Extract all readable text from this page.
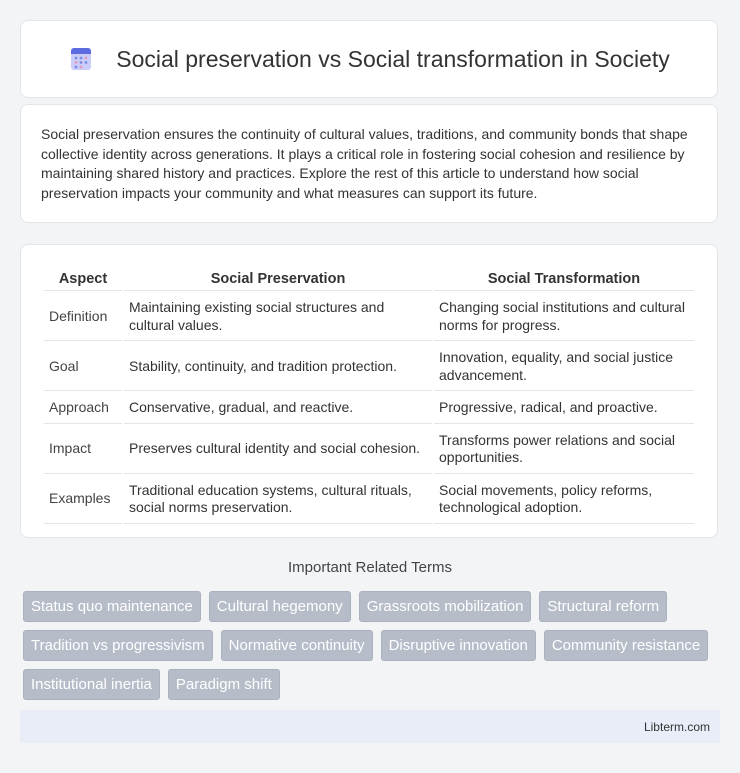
Social preservation vs Social transformation in Society

Social preservation ensures the continuity of cultural values, traditions, and community bonds that shape collective identity across generations. It plays a critical role in fostering social cohesion and resilience by maintaining shared history and practices. Explore the rest of this article to understand how social preservation impacts your community and what measures can support its future.

Aspect	Social Preservation	Social Transformation
Definition	Maintaining existing social structures and cultural values.	Changing social institutions and cultural norms for progress.
Goal	Stability, continuity, and tradition protection.	Innovation, equality, and social justice advancement.
Approach	Conservative, gradual, and reactive.	Progressive, radical, and proactive.
Impact	Preserves cultural identity and social cohesion.	Transforms power relations and social opportunities.
Examples	Traditional education systems, cultural rituals, social norms preservation.	Social movements, policy reforms, technological adoption.
Important Related Terms
Status quo maintenance	Cultural hegemony	Grassroots mobilization	Structural reform
Tradition vs progressivism	Normative continuity	Disruptive innovation	Community resistance
Institutional inertia	Paradigm shift
Libterm.com
